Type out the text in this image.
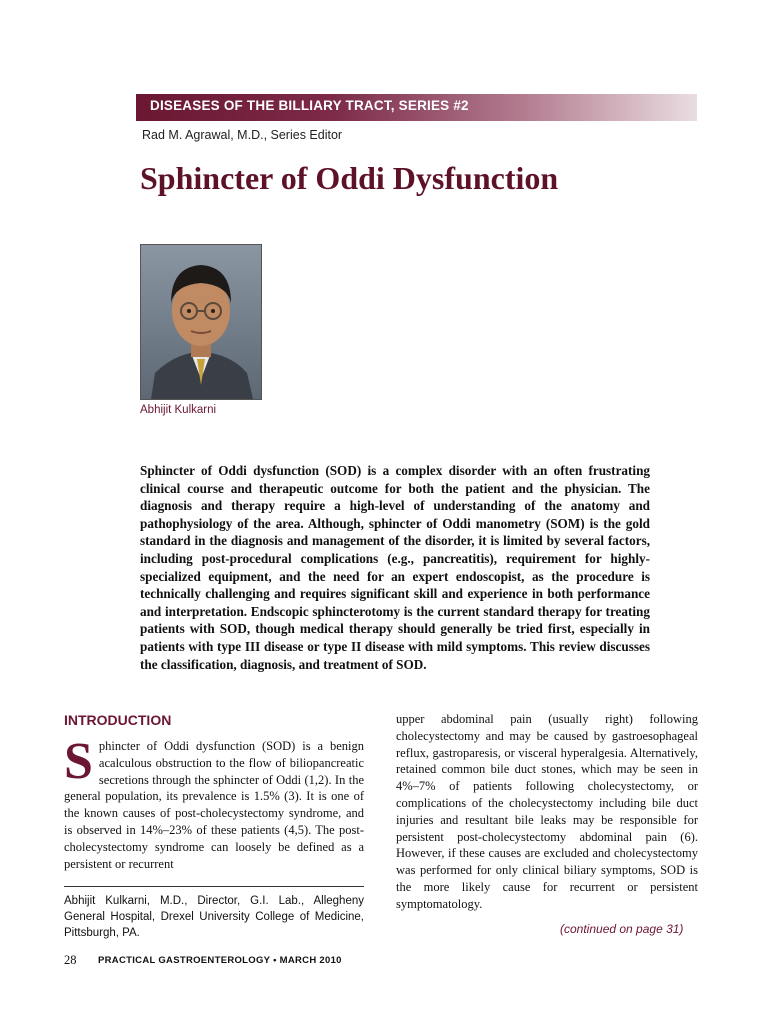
DISEASES OF THE BILLIARY TRACT, SERIES #2
Rad M. Agrawal, M.D., Series Editor
Sphincter of Oddi Dysfunction
Abhijit Kulkarni
Sphincter of Oddi dysfunction (SOD) is a complex disorder with an often frustrating clinical course and therapeutic outcome for both the patient and the physician. The diagnosis and therapy require a high-level of understanding of the anatomy and pathophysiology of the area. Although, sphincter of Oddi manometry (SOM) is the gold standard in the diagnosis and management of the disorder, it is limited by several factors, including post-procedural complications (e.g., pancreatitis), requirement for highly-specialized equipment, and the need for an expert endoscopist, as the procedure is technically challenging and requires significant skill and experience in both performance and interpretation. Endscopic sphincterotomy is the current standard therapy for treating patients with SOD, though medical therapy should generally be tried first, especially in patients with type III disease or type II disease with mild symptoms. This review discusses the classification, diagnosis, and treatment of SOD.
INTRODUCTION
S phincter of Oddi dysfunction (SOD) is a benign acalculous obstruction to the flow of biliopancreatic secretions through the sphincter of Oddi (1,2). In the general population, its prevalence is 1.5% (3). It is one of the known causes of post-cholecystectomy syndrome, and is observed in 14%–23% of these patients (4,5). The post-cholecystectomy syndrome can loosely be defined as a persistent or recurrent
upper abdominal pain (usually right) following cholecystectomy and may be caused by gastroesophageal reflux, gastroparesis, or visceral hyperalgesia. Alternatively, retained common bile duct stones, which may be seen in 4%–7% of patients following cholecystectomy, or complications of the cholecystectomy including bile duct injuries and resultant bile leaks may be responsible for persistent post-cholecystectomy abdominal pain (6). However, if these causes are excluded and cholecystectomy was performed for only clinical biliary symptoms, SOD is the more likely cause for recurrent or persistent symptomatology.
Abhijit Kulkarni, M.D., Director, G.I. Lab., Allegheny General Hospital, Drexel University College of Medicine, Pittsburgh, PA.	(continued on page 31)
28 PRACTICAL GASTROENTEROLOGY • MARCH 2010
